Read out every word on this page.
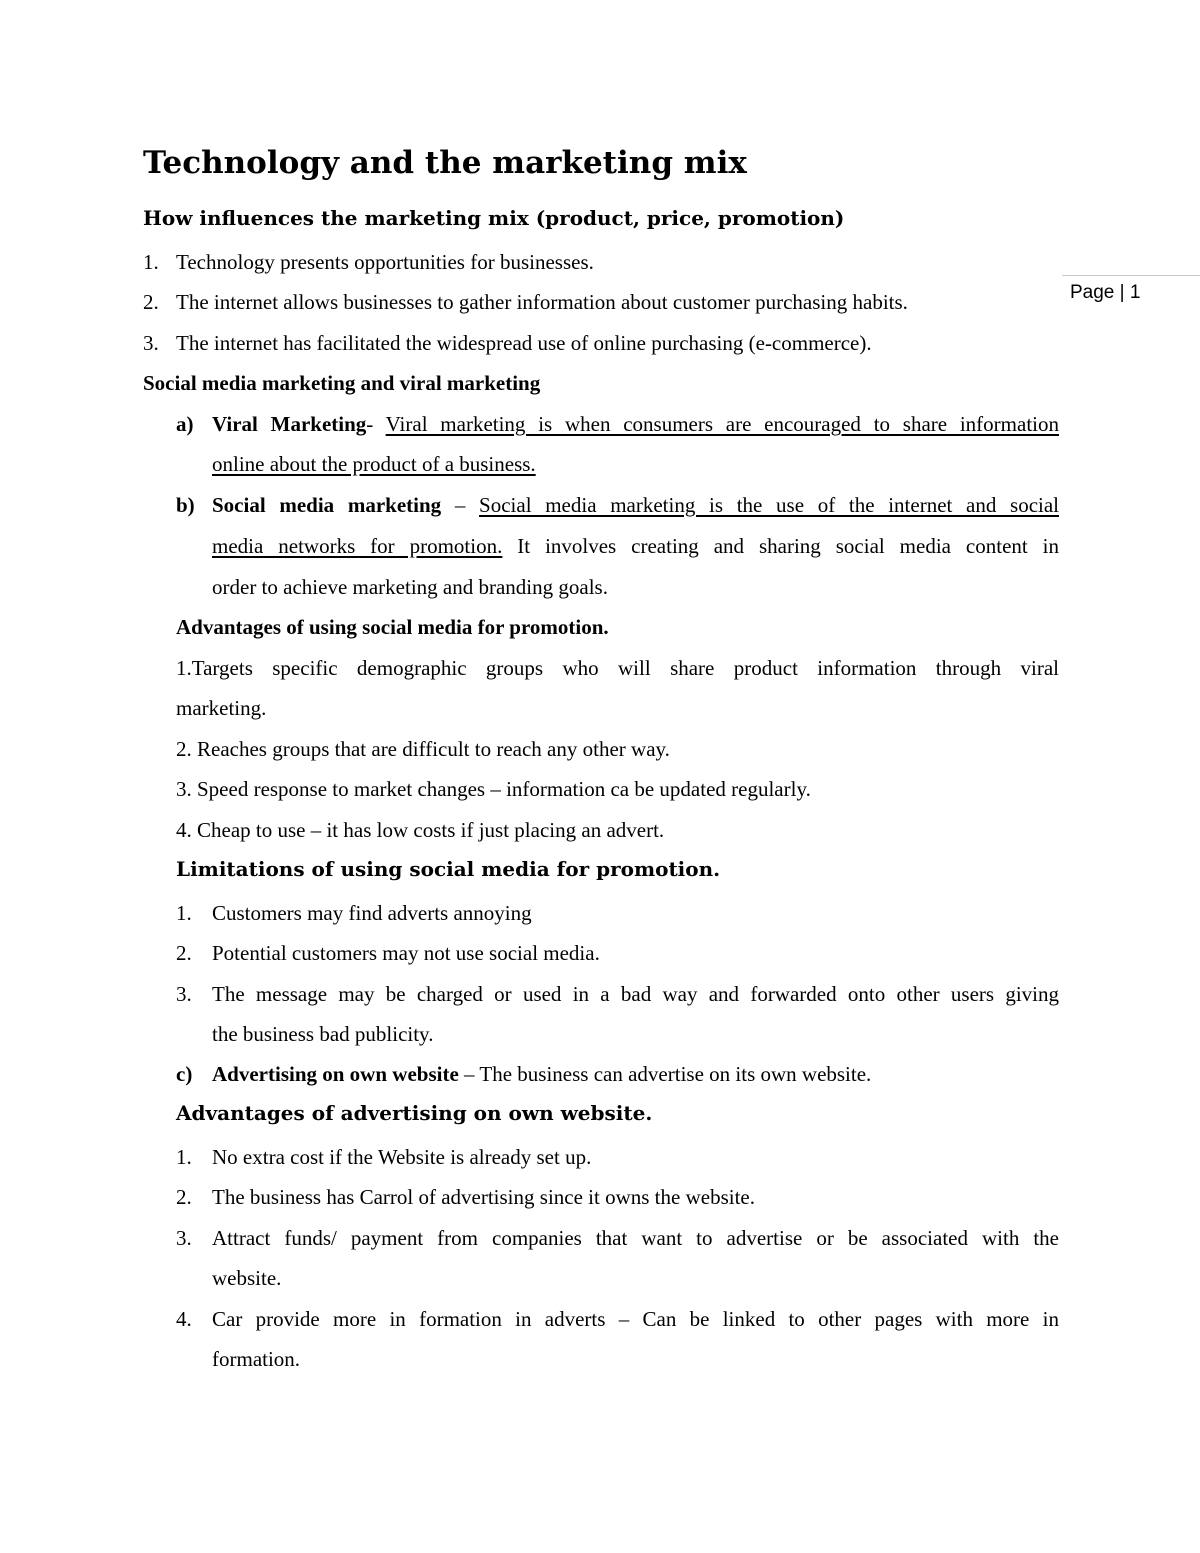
Technology and the marketing mix
Page | 1
How influences the marketing mix (product, price, promotion)
1. Technology presents opportunities for businesses.
2. The internet allows businesses to gather information about customer purchasing habits.
3. The internet has facilitated the widespread use of online purchasing (e-commerce).
Social media marketing and viral marketing
a) Viral Marketing- Viral marketing is when consumers are encouraged to share information
online about the product of a business.
b) Social media marketing – Social media marketing is the use of the internet and social
media networks for promotion. It involves creating and sharing social media content in
order to achieve marketing and branding goals.
Advantages of using social media for promotion.
1.Targets specific demographic groups who will share product information through viral
marketing.
2. Reaches groups that are difficult to reach any other way.
3. Speed response to market changes – information ca be updated regularly.
4. Cheap to use – it has low costs if just placing an advert.
Limitations of using social media for promotion.
1. Customers may find adverts annoying
2. Potential customers may not use social media.
3. The message may be charged or used in a bad way and forwarded onto other users giving
the business bad publicity.
c) Advertising on own website – The business can advertise on its own website.
Advantages of advertising on own website.
1. No extra cost if the Website is already set up.
2. The business has Carrol of advertising since it owns the website.
3. Attract funds/ payment from companies that want to advertise or be associated with the
website.
4. Car provide more in formation in adverts – Can be linked to other pages with more in
formation.
